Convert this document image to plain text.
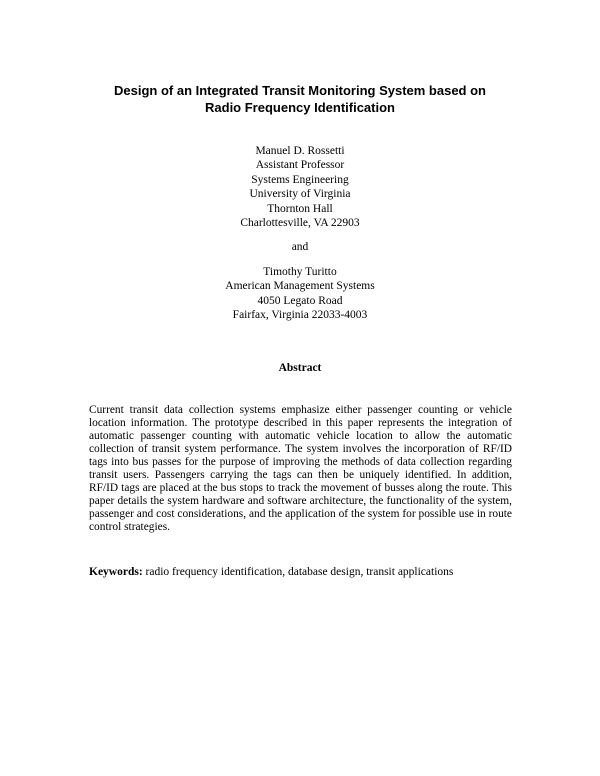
Design of an Integrated Transit Monitoring System based on
Radio Frequency Identification
Manuel D. Rossetti
Assistant Professor
Systems Engineering
University of Virginia
Thornton Hall
Charlottesville, VA 22903
and
Timothy Turitto
American Management Systems
4050 Legato Road
Fairfax, Virginia 22033-4003
Abstract

Current transit data collection systems emphasize either passenger counting or vehicle location information. The prototype described in this paper represents the integration of automatic passenger counting with automatic vehicle location to allow the automatic collection of transit system performance. The system involves the incorporation of RF/ID tags into bus passes for the purpose of improving the methods of data collection regarding transit users. Passengers carrying the tags can then be uniquely identified. In addition, RF/ID tags are placed at the bus stops to track the movement of busses along the route. This paper details the system hardware and software architecture, the functionality of the system, passenger and cost considerations, and the application of the system for possible use in route control strategies.

Keywords: radio frequency identification, database design, transit applications
